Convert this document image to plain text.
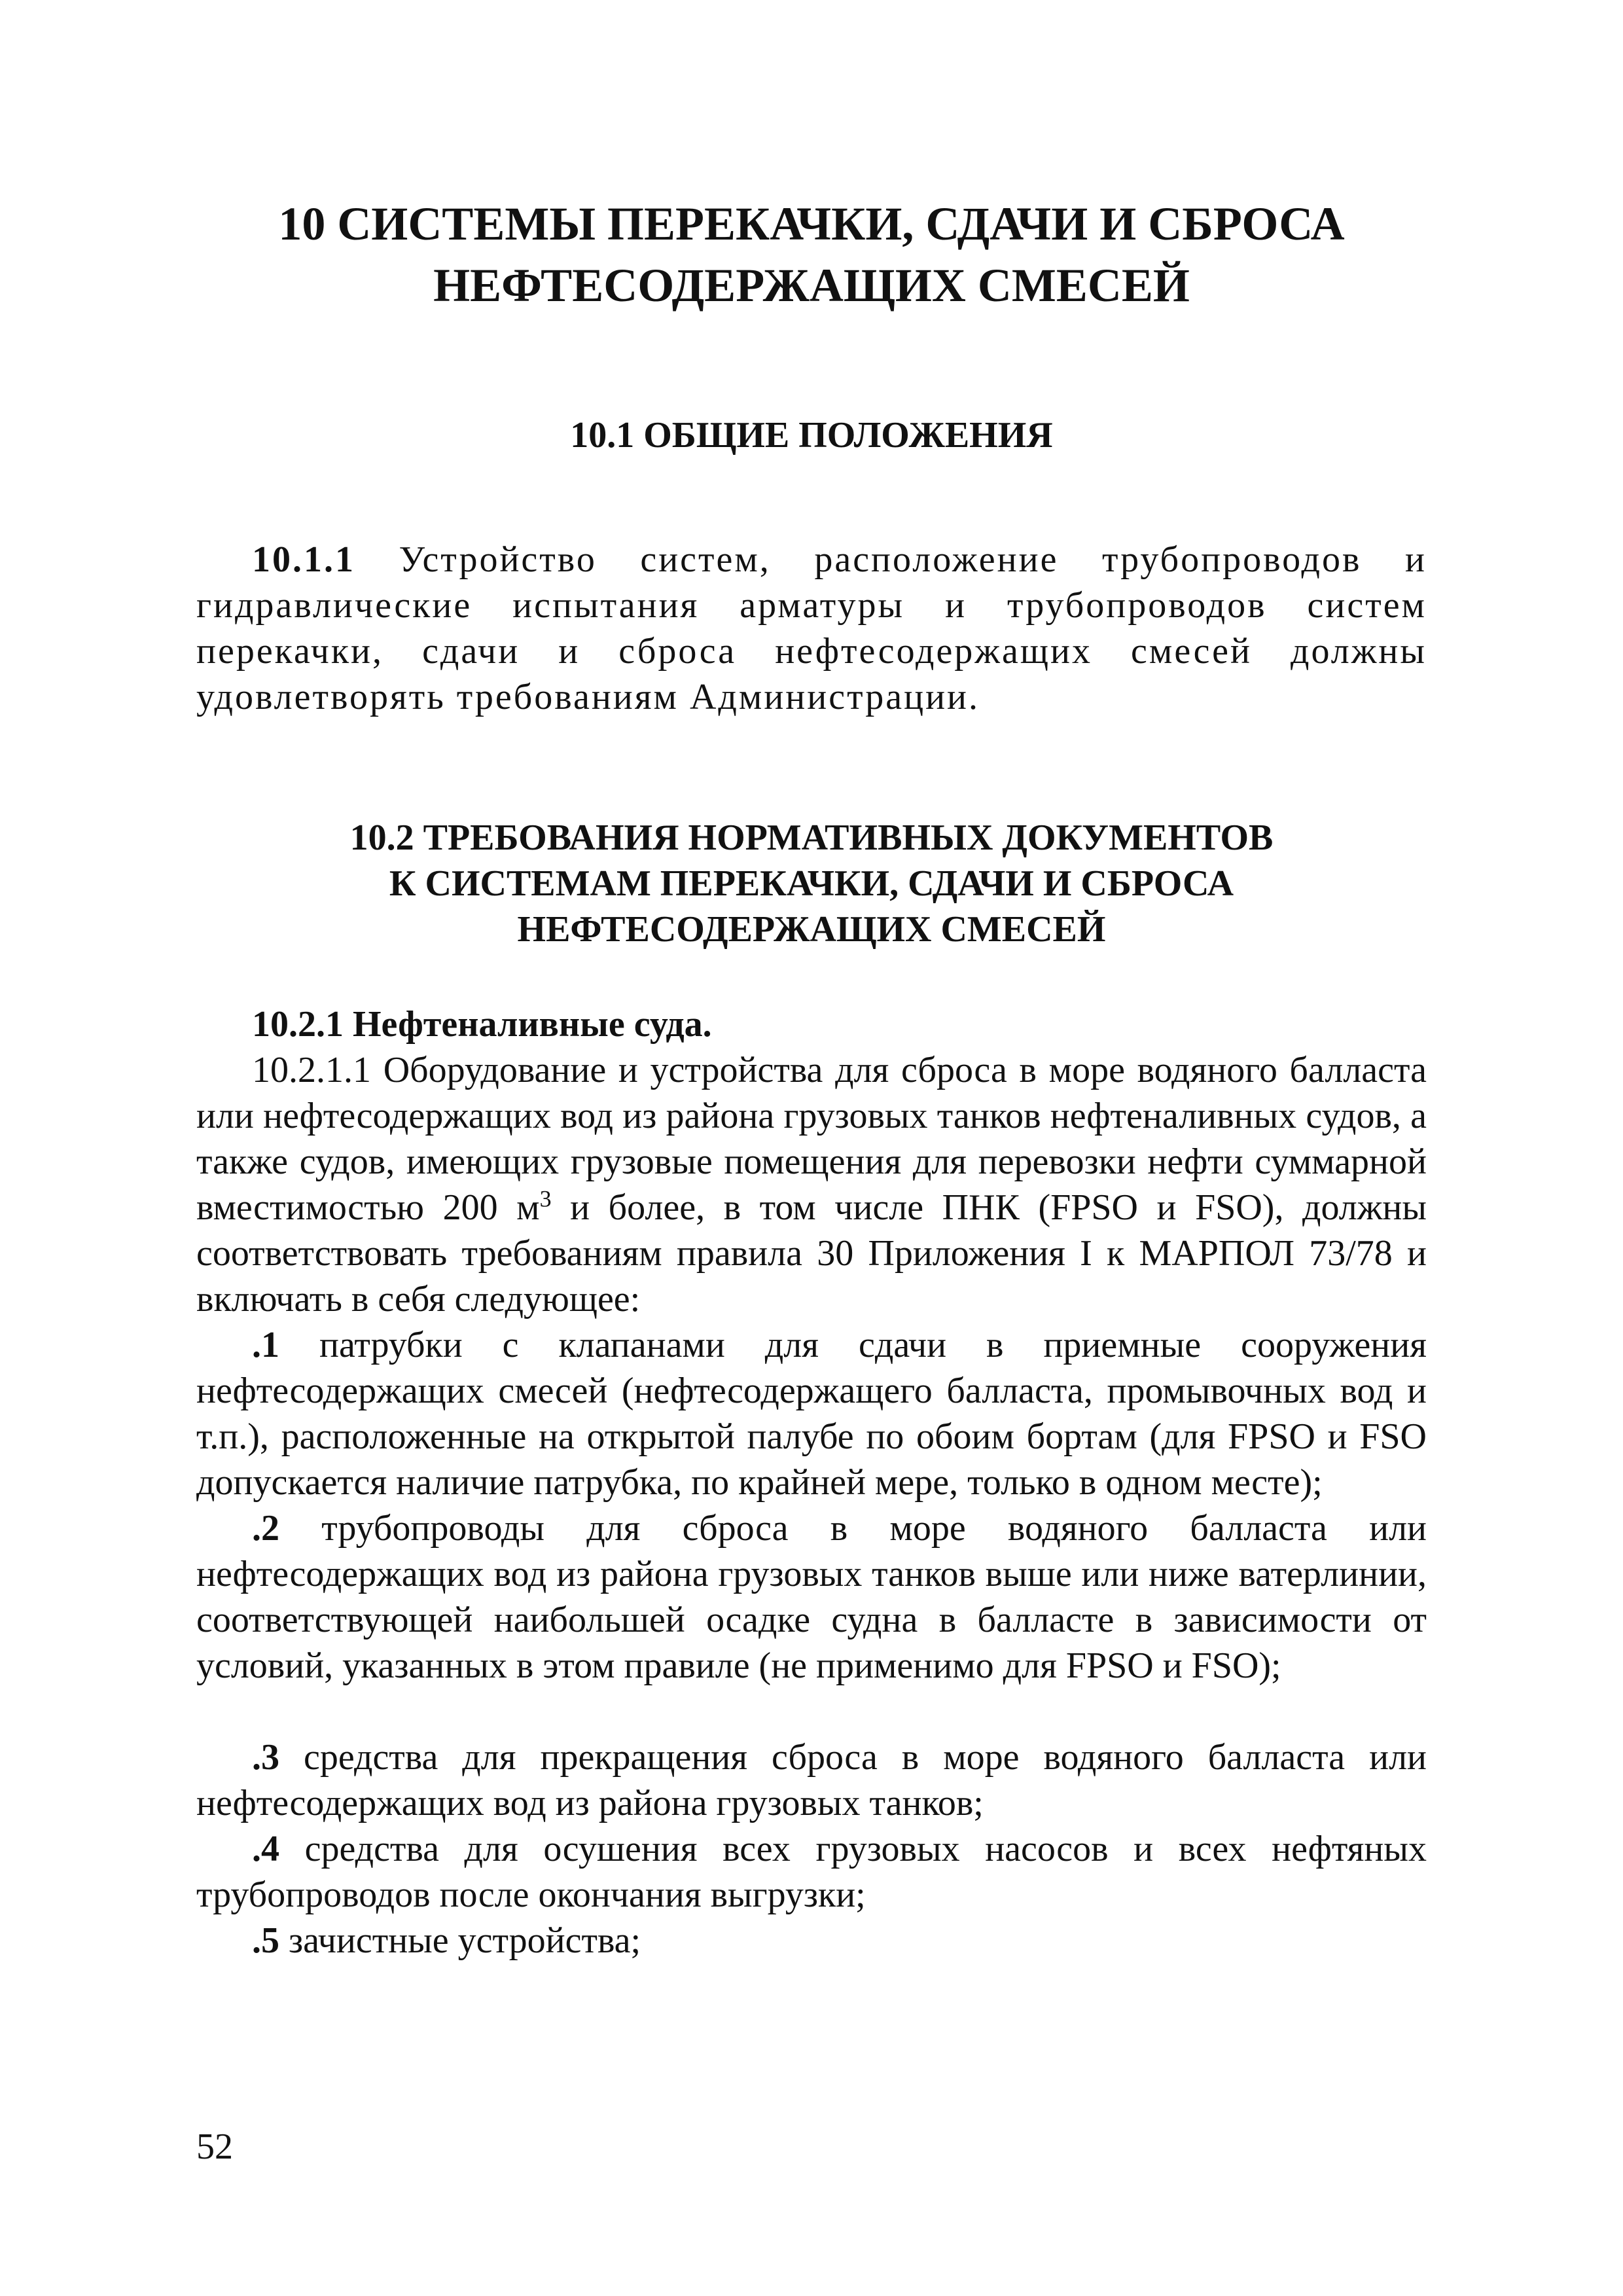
10 СИСТЕМЫ ПЕРЕКАЧКИ, СДАЧИ И СБРОСА
НЕФТЕСОДЕРЖАЩИХ СМЕСЕЙ
10.1 ОБЩИЕ ПОЛОЖЕНИЯ

10.1.1 Устройство систем, расположение трубопроводов и гидравлические испытания арматуры и трубопроводов систем перекачки, сдачи и сброса нефтесодержащих смесей должны удовлетворять требованиям Администрации.

10.2 ТРЕБОВАНИЯ НОРМАТИВНЫХ ДОКУМЕНТОВ
К СИСТЕМАМ ПЕРЕКАЧКИ, СДАЧИ И СБРОСА
НЕФТЕСОДЕРЖАЩИХ СМЕСЕЙ

10.2.1 Нефтеналивные суда.

10.2.1.1 Оборудование и устройства для сброса в море водяного балласта или нефтесодержащих вод из района грузовых танков нефтеналивных судов, а также судов, имеющих грузовые помещения для перевозки нефти суммарной вместимостью 200 $м^3$ и более, в том числе ПНК (FPSO и FSO), должны соответствовать требованиям правила 30 Приложения I к МАРПОЛ 73/78 и включать в себя следующее:

.1 патрубки с клапанами для сдачи в приемные сооружения нефтесодержащих смесей (нефтесодержащего балласта, промывочных вод и т.п.), расположенные на открытой палубе по обоим бортам (для FPSO и FSO допускается наличие патрубка, по крайней мере, только в одном месте);

.2 трубопроводы для сброса в море водяного балласта или нефтесодержащих вод из района грузовых танков выше или ниже ватерлинии, соответствующей наибольшей осадке судна в балласте в зависимости от условий, указанных в этом правиле (не применимо для FPSO и FSO);

.3 средства для прекращения сброса в море водяного балласта или нефтесодержащих вод из района грузовых танков;

.4 средства для осушения всех грузовых насосов и всех нефтяных трубопроводов после окончания выгрузки;

.5 зачистные устройства;

52
